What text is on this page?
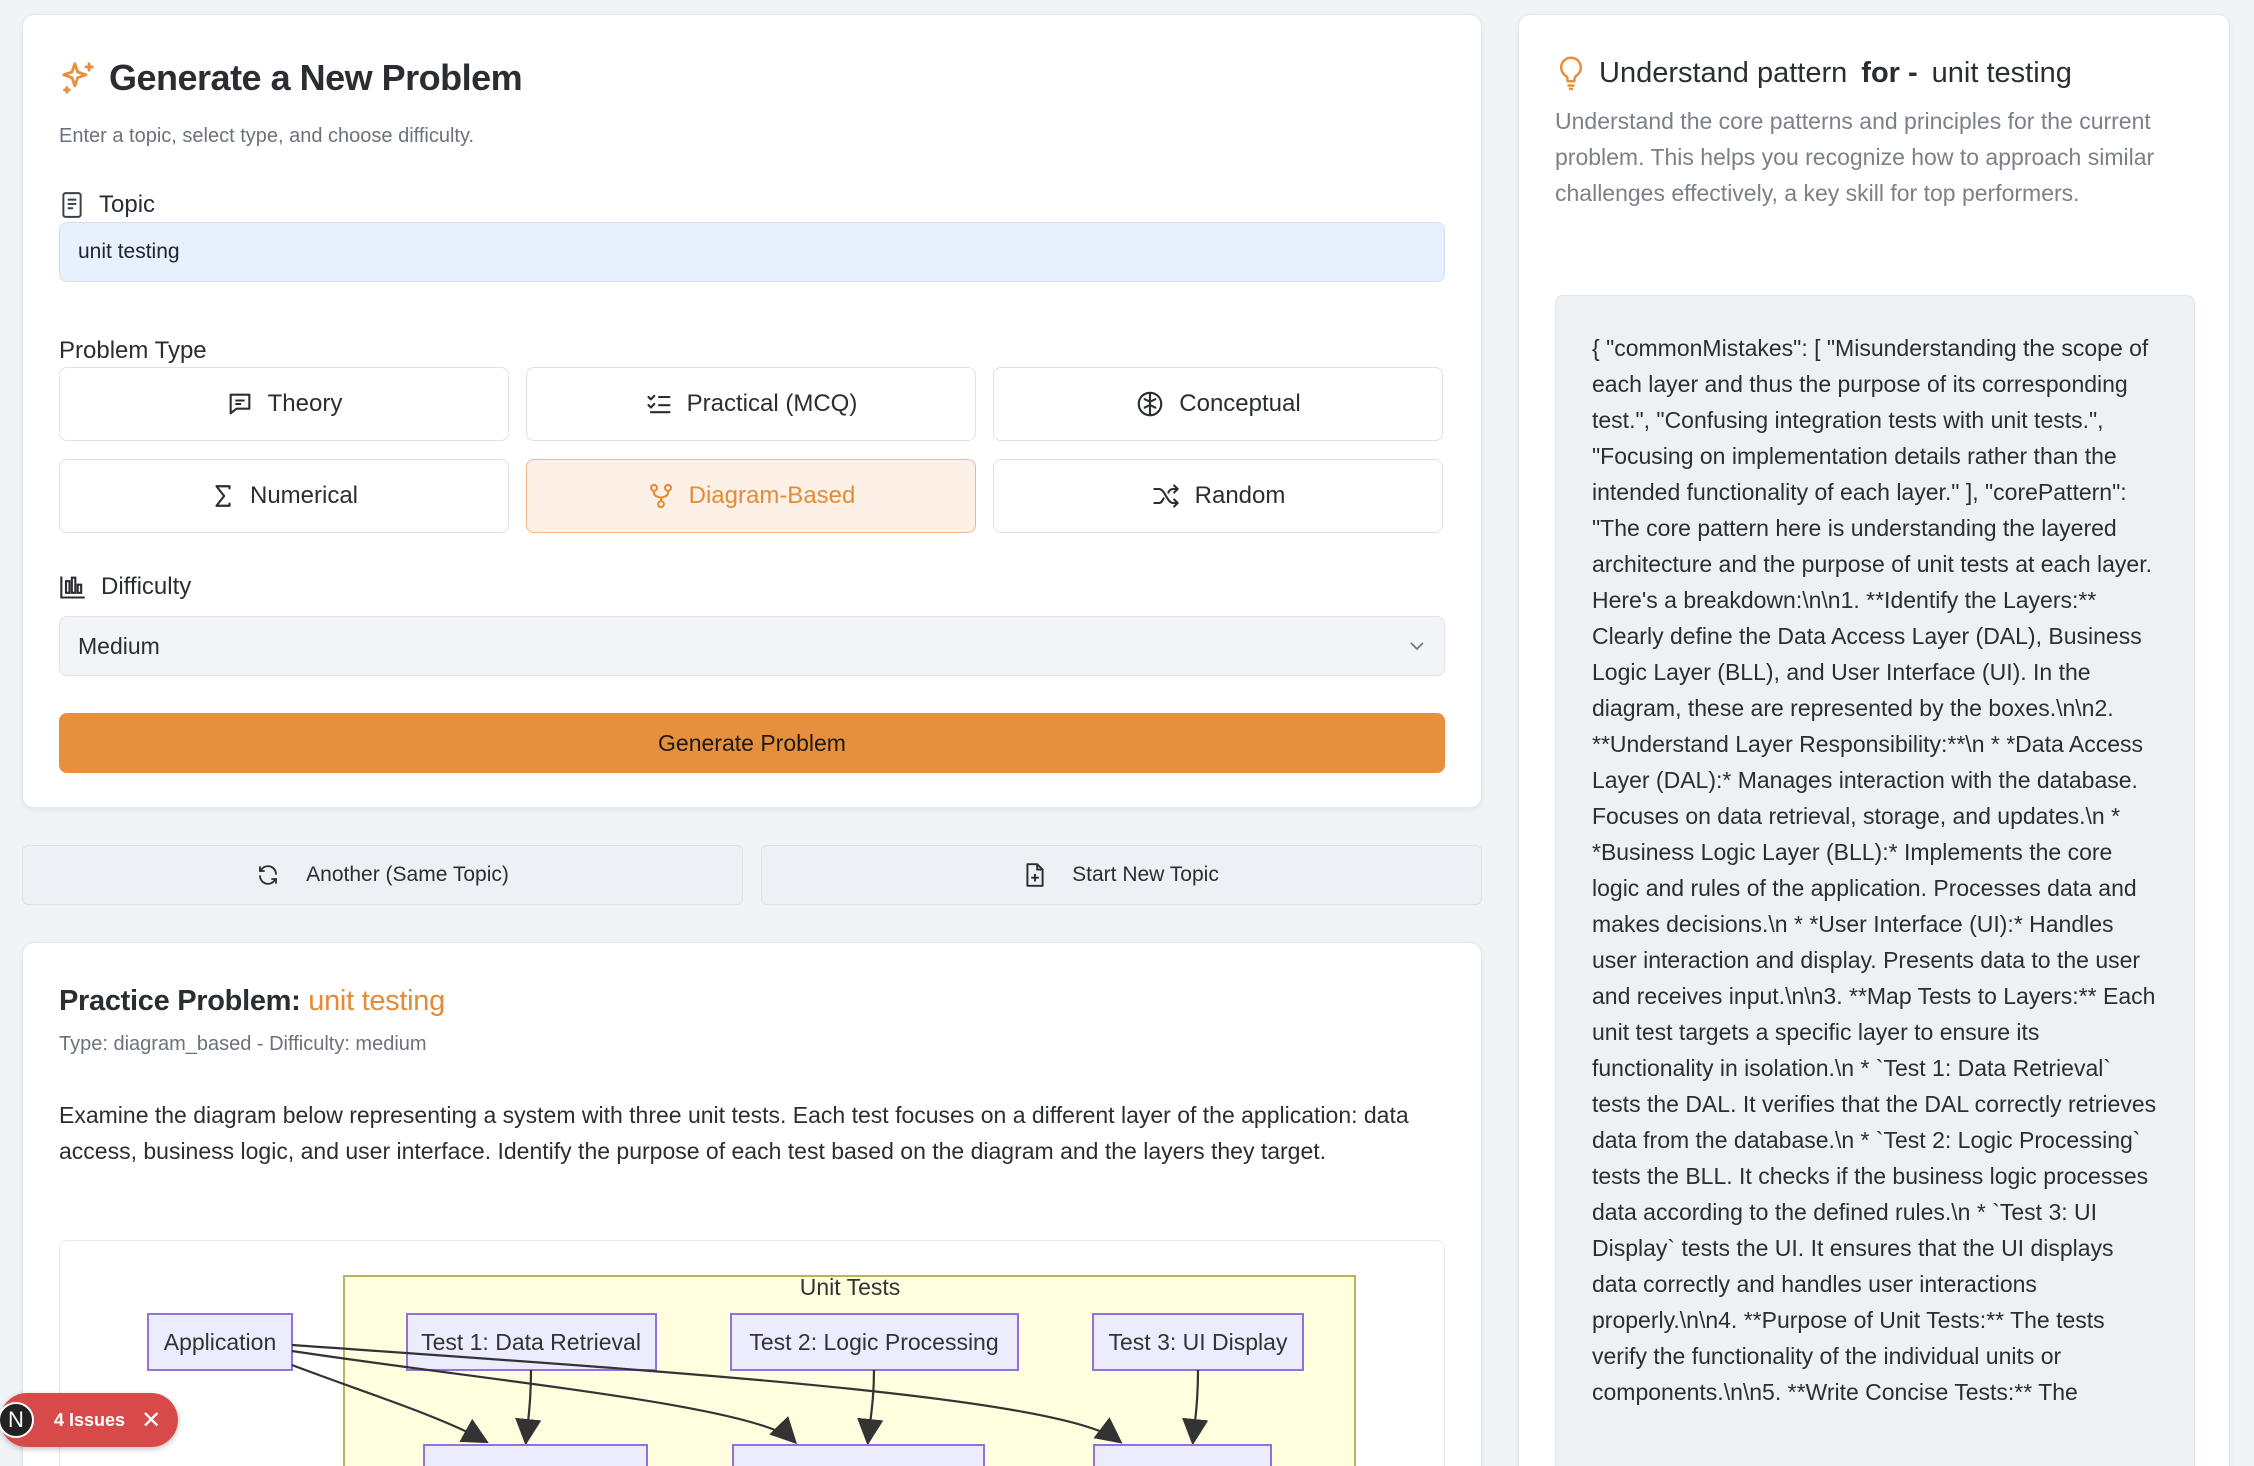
Generate a New Problem
Enter a topic, select type, and choose difficulty.
Topic
unit testing
Problem Type
Theory	Practical (MCQ)	Conceptual
Numerical	Diagram-Based	Random
Difficulty
Medium
Generate Problem
Another (Same Topic)	Start New Topic
Practice Problem: unit testing
Type: diagram_based - Difficulty: medium
Examine the diagram below representing a system with three unit tests. Each test focuses on a different layer of the application: data access, business logic, and user interface. Identify the purpose of each test based on the diagram and the layers they target.
Unit Tests
Application	Test 1: Data Retrieval	Test 2: Logic Processing	Test 3: UI Display
Understand pattern for - unit testing
Understand the core patterns and principles for the current problem. This helps you recognize how to approach similar challenges effectively, a key skill for top performers.

{ "commonMistakes": [ "Misunderstanding the scope of each layer and thus the purpose of its corresponding test.", "Confusing integration tests with unit tests.", "Focusing on implementation details rather than the intended functionality of each layer." ], "corePattern": "The core pattern here is understanding the layered architecture and the purpose of unit tests at each layer. Here's a breakdown:\n\n1. **Identify the Layers:** Clearly define the Data Access Layer (DAL), Business Logic Layer (BLL), and User Interface (UI). In the diagram, these are represented by the boxes.\n\n2. **Understand Layer Responsibility:**\n * *Data Access Layer (DAL):* Manages interaction with the database. Focuses on data retrieval, storage, and updates.\n * *Business Logic Layer (BLL):* Implements the core logic and rules of the application. Processes data and makes decisions.\n * *User Interface (UI):* Handles user interaction and display. Presents data to the user and receives input.\n\n3. **Map Tests to Layers:** Each unit test targets a specific layer to ensure its functionality in isolation.\n * `Test 1: Data Retrieval` tests the DAL. It verifies that the DAL correctly retrieves data from the database.\n * `Test 2: Logic Processing` tests the BLL. It checks if the business logic processes data according to the defined rules.\n * `Test 3: UI Display` tests the UI. It ensures that the UI displays data correctly and handles user interactions properly.\n\n4. **Purpose of Unit Tests:** The tests verify the functionality of the individual units or components.\n\n5. **Write Concise Tests:** The

N	4 Issues ✕
